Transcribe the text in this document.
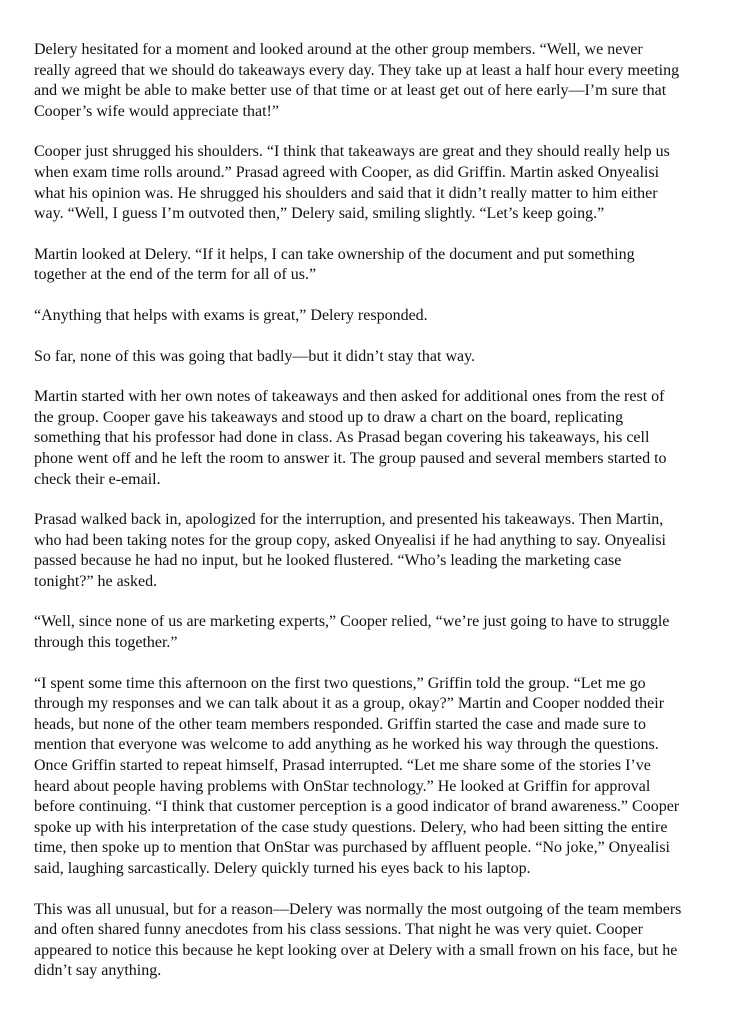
Delery hesitated for a moment and looked around at the other group members. “Well, we never
really agreed that we should do takeaways every day. They take up at least a half hour every meeting
and we might be able to make better use of that time or at least get out of here early—I’m sure that
Cooper’s wife would appreciate that!”

Cooper just shrugged his shoulders. “I think that takeaways are great and they should really help us
when exam time rolls around.” Prasad agreed with Cooper, as did Griffin. Martin asked Onyealisi
what his opinion was. He shrugged his shoulders and said that it didn’t really matter to him either
way. “Well, I guess I’m outvoted then,” Delery said, smiling slightly. “Let’s keep going.”

Martin looked at Delery. “If it helps, I can take ownership of the document and put something
together at the end of the term for all of us.”

“Anything that helps with exams is great,” Delery responded.

So far, none of this was going that badly—but it didn’t stay that way.

Martin started with her own notes of takeaways and then asked for additional ones from the rest of
the group. Cooper gave his takeaways and stood up to draw a chart on the board, replicating
something that his professor had done in class. As Prasad began covering his takeaways, his cell
phone went off and he left the room to answer it. The group paused and several members started to
check their e-email.

Prasad walked back in, apologized for the interruption, and presented his takeaways. Then Martin,
who had been taking notes for the group copy, asked Onyealisi if he had anything to say. Onyealisi
passed because he had no input, but he looked flustered. “Who’s leading the marketing case
tonight?” he asked.

“Well, since none of us are marketing experts,” Cooper relied, “we’re just going to have to struggle
through this together.”

“I spent some time this afternoon on the first two questions,” Griffin told the group. “Let me go
through my responses and we can talk about it as a group, okay?” Martin and Cooper nodded their
heads, but none of the other team members responded. Griffin started the case and made sure to
mention that everyone was welcome to add anything as he worked his way through the questions.
Once Griffin started to repeat himself, Prasad interrupted. “Let me share some of the stories I’ve
heard about people having problems with OnStar technology.” He looked at Griffin for approval
before continuing. “I think that customer perception is a good indicator of brand awareness.” Cooper
spoke up with his interpretation of the case study questions. Delery, who had been sitting the entire
time, then spoke up to mention that OnStar was purchased by affluent people. “No joke,” Onyealisi
said, laughing sarcastically. Delery quickly turned his eyes back to his laptop.

This was all unusual, but for a reason—Delery was normally the most outgoing of the team members
and often shared funny anecdotes from his class sessions. That night he was very quiet. Cooper
appeared to notice this because he kept looking over at Delery with a small frown on his face, but he
didn’t say anything.
